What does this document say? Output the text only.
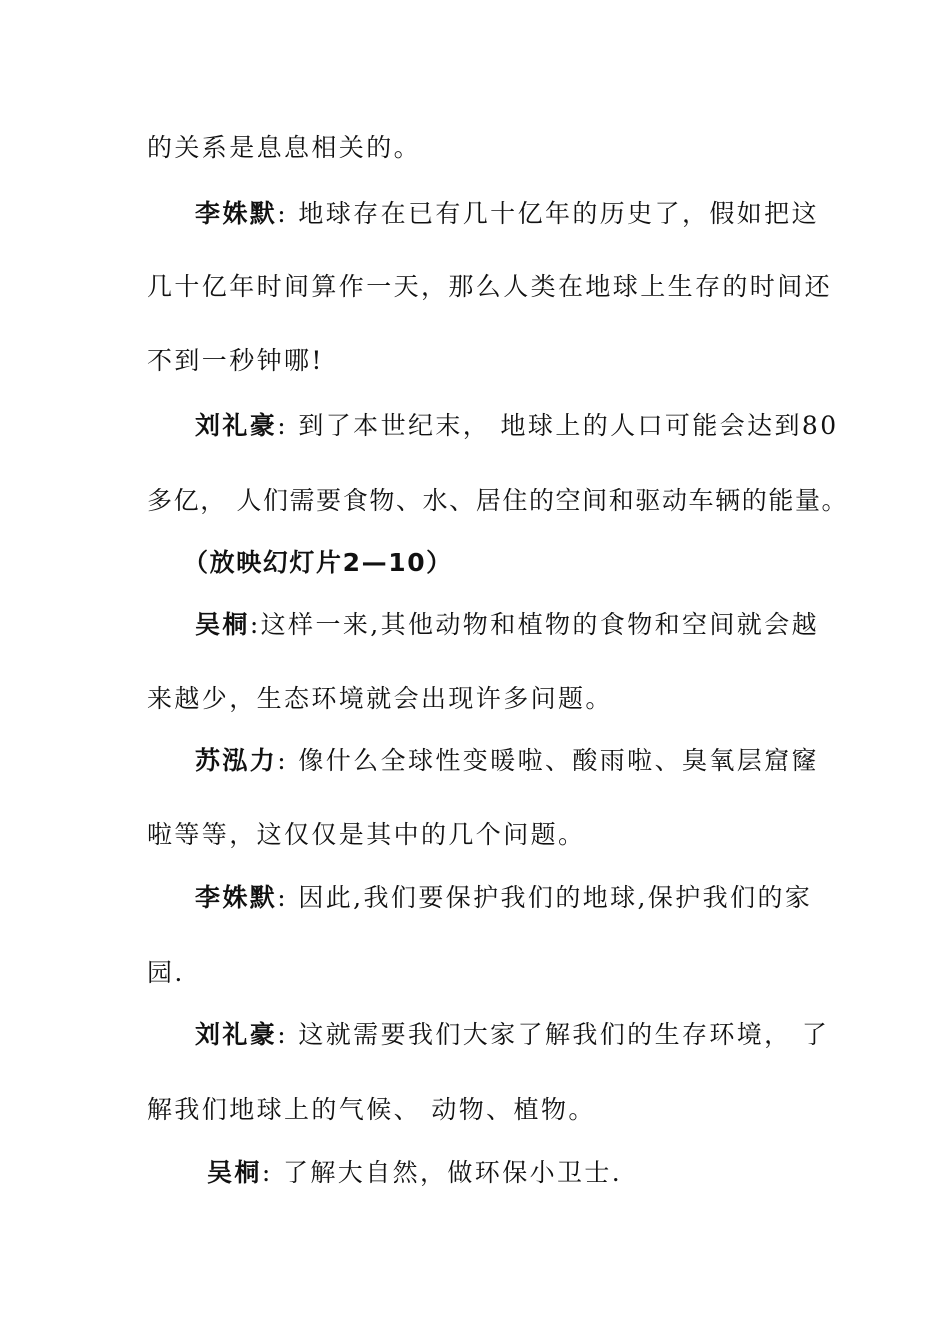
的关系是息息相关的。
李姝默: 地球存在已有几十亿年的历史了，假如把这
几十亿年时间算作一天，那么人类在地球上生存的时间还
不到一秒钟哪!
刘礼豪: 到了本世纪末， 地球上的人口可能会达到80
多亿， 人们需要食物、水、居住的空间和驱动车辆的能量。
（放映幻灯片2—10）
吴桐:这样一来,其他动物和植物的食物和空间就会越
来越少，生态环境就会出现许多问题。
苏泓力: 像什么全球性变暖啦、酸雨啦、臭氧层窟窿
啦等等，这仅仅是其中的几个问题。
李姝默: 因此,我们要保护我们的地球,保护我们的家
园.
刘礼豪: 这就需要我们大家了解我们的生存环境， 了
解我们地球上的气候、 动物、植物。
吴桐: 了解大自然，做环保小卫士.
